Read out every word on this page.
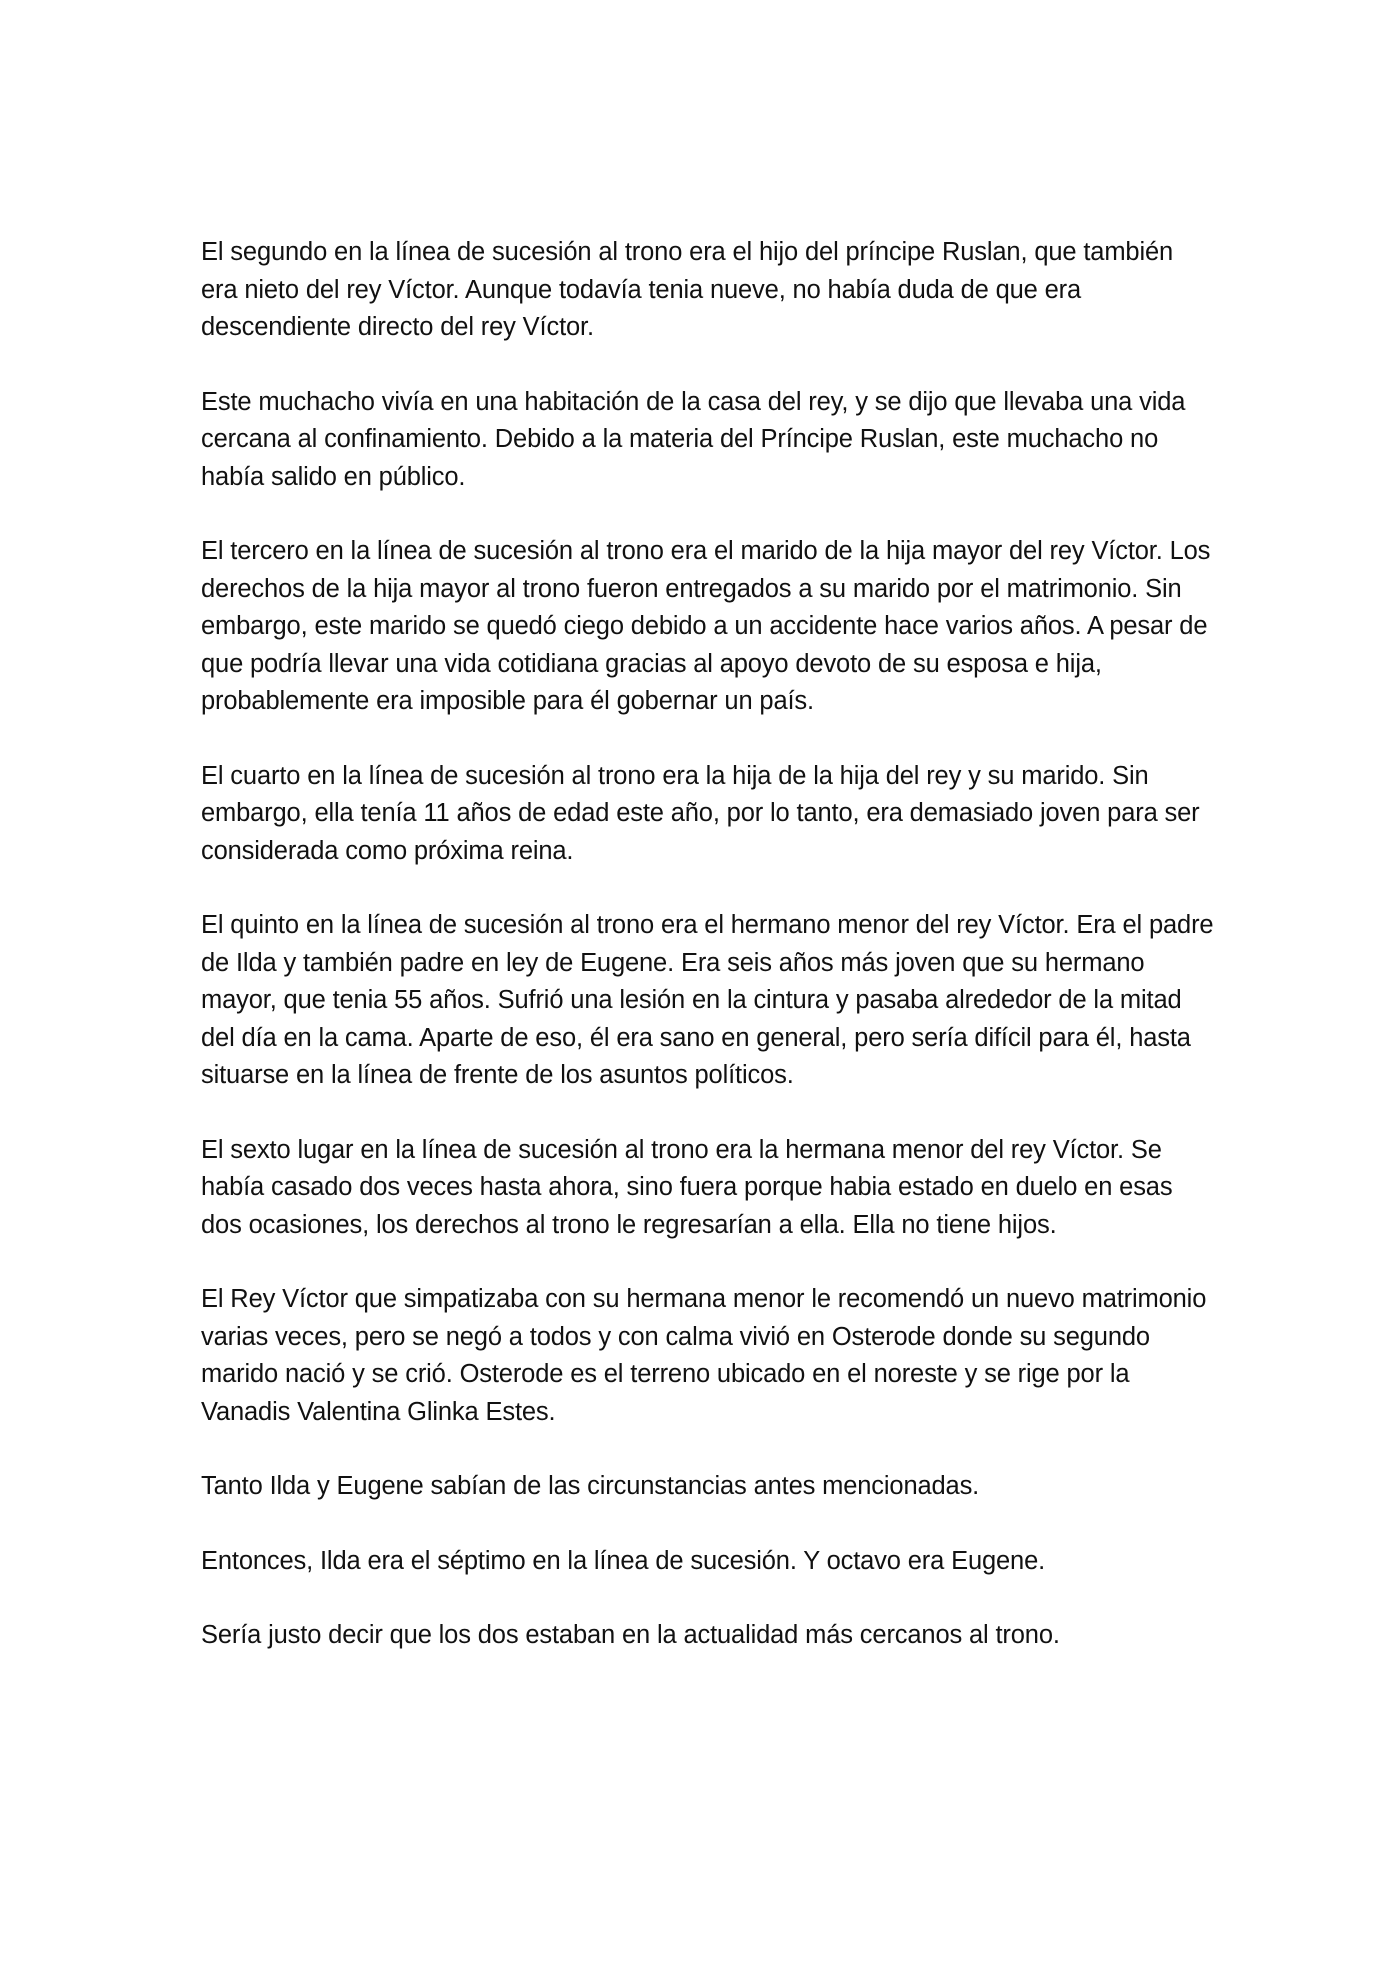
El segundo en la línea de sucesión al trono era el hijo del príncipe Ruslan, que también era nieto del rey Víctor. Aunque todavía tenia nueve, no había duda de que era descendiente directo del rey Víctor.

Este muchacho vivía en una habitación de la casa del rey, y se dijo que llevaba una vida cercana al confinamiento. Debido a la materia del Príncipe Ruslan, este muchacho no había salido en público.

El tercero en la línea de sucesión al trono era el marido de la hija mayor del rey Víctor. Los derechos de la hija mayor al trono fueron entregados a su marido por el matrimonio. Sin embargo, este marido se quedó ciego debido a un accidente hace varios años. A pesar de que podría llevar una vida cotidiana gracias al apoyo devoto de su esposa e hija, probablemente era imposible para él gobernar un país.

El cuarto en la línea de sucesión al trono era la hija de la hija del rey y su marido. Sin embargo, ella tenía 11 años de edad este año, por lo tanto, era demasiado joven para ser considerada como próxima reina.

El quinto en la línea de sucesión al trono era el hermano menor del rey Víctor. Era el padre de Ilda y también padre en ley de Eugene. Era seis años más joven que su hermano mayor, que tenia 55 años. Sufrió una lesión en la cintura y pasaba alrededor de la mitad del día en la cama. Aparte de eso, él era sano en general, pero sería difícil para él, hasta situarse en la línea de frente de los asuntos políticos.

El sexto lugar en la línea de sucesión al trono era la hermana menor del rey Víctor. Se había casado dos veces hasta ahora, sino fuera porque habia estado en duelo en esas dos ocasiones, los derechos al trono le regresarían a ella. Ella no tiene hijos.

El Rey Víctor que simpatizaba con su hermana menor le recomendó un nuevo matrimonio varias veces, pero se negó a todos y con calma vivió en Osterode donde su segundo marido nació y se crió. Osterode es el terreno ubicado en el noreste y se rige por la Vanadis Valentina Glinka Estes.

Tanto Ilda y Eugene sabían de las circunstancias antes mencionadas.

Entonces, Ilda era el séptimo en la línea de sucesión. Y octavo era Eugene.

Sería justo decir que los dos estaban en la actualidad más cercanos al trono.
